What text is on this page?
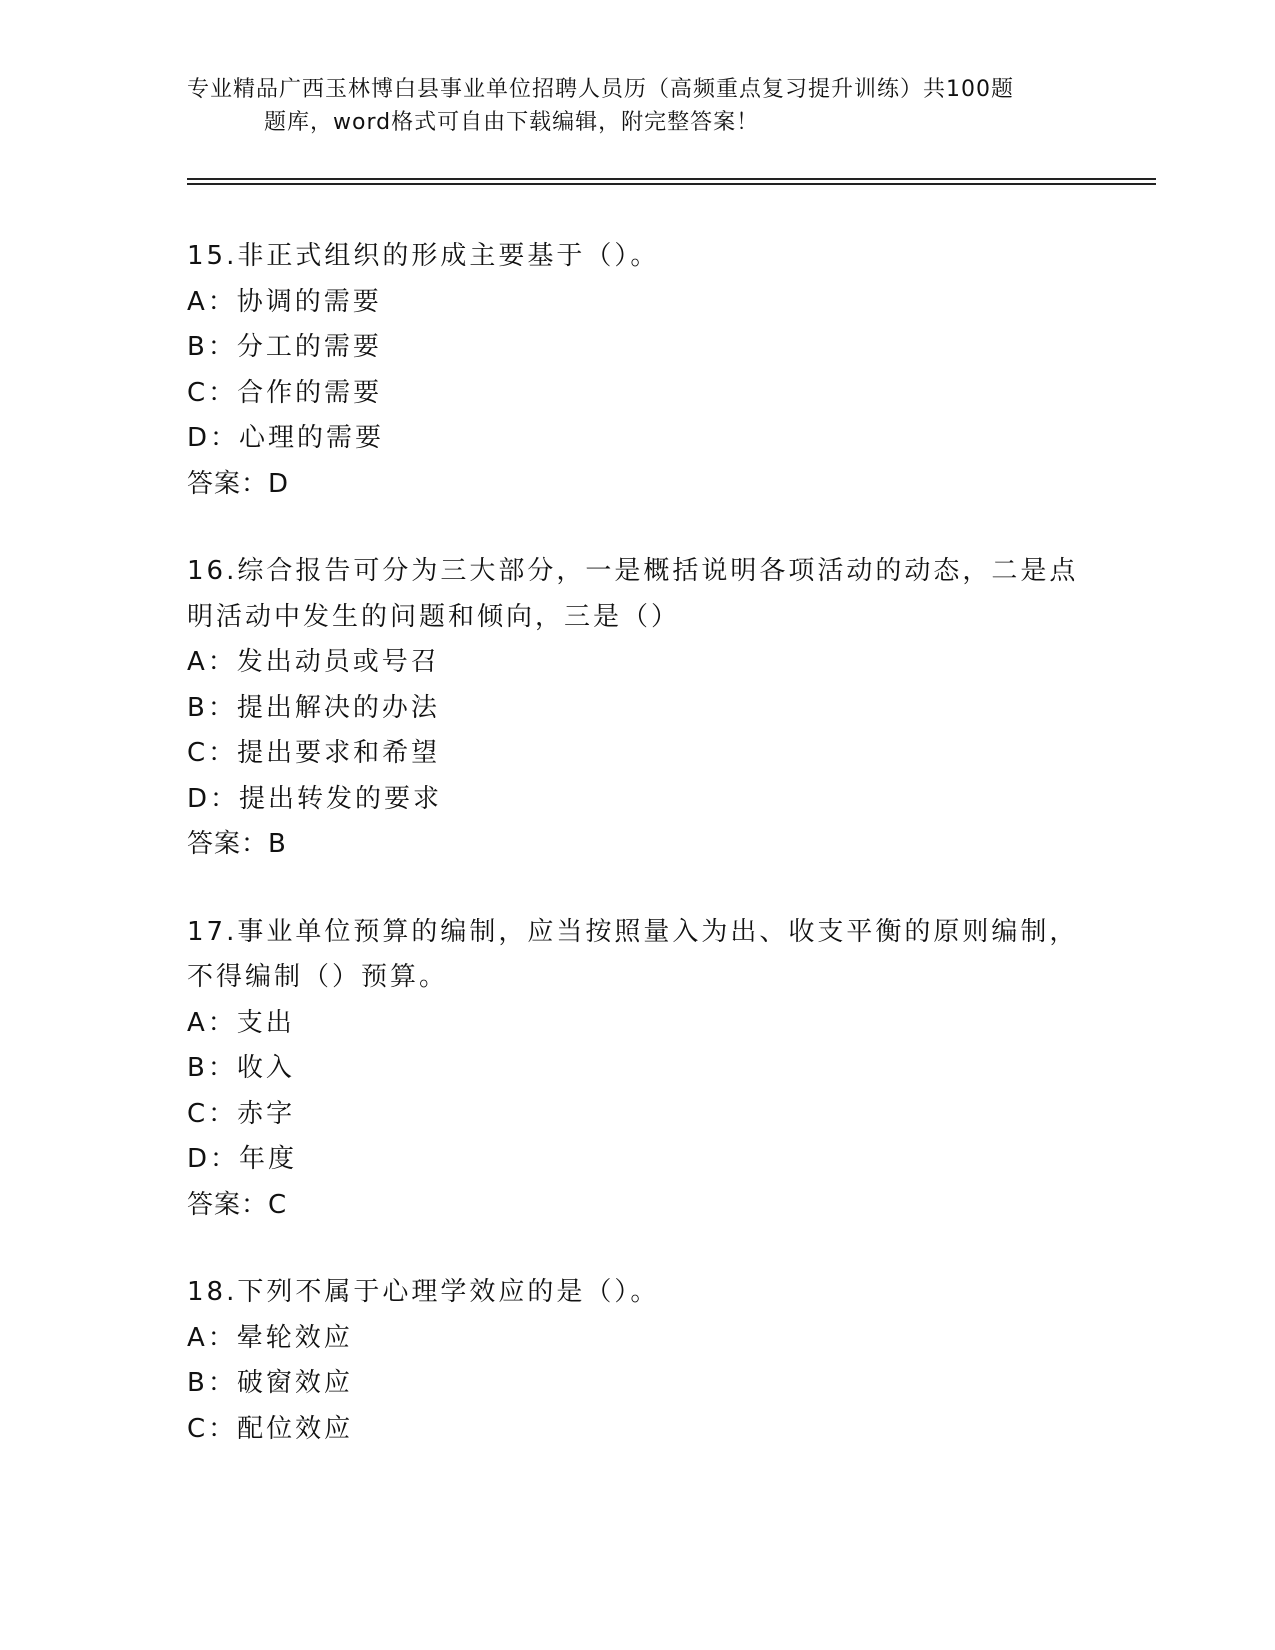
专业精品广西玉林博白县事业单位招聘人员历（高频重点复习提升训练）共100题
题库，word格式可自由下载编辑，附完整答案！
15.非正式组织的形成主要基于（）。
A：协调的需要
B：分工的需要
C：合作的需要
D：心理的需要
答案：D
16.综合报告可分为三大部分，一是概括说明各项活动的动态，二是点
明活动中发生的问题和倾向，三是（）
A：发出动员或号召
B：提出解决的办法
C：提出要求和希望
D：提出转发的要求
答案：B
17.事业单位预算的编制，应当按照量入为出、收支平衡的原则编制，
不得编制（）预算。
A：支出
B：收入
C：赤字
D：年度
答案：C
18.下列不属于心理学效应的是（）。
A：晕轮效应
B：破窗效应
C：配位效应
